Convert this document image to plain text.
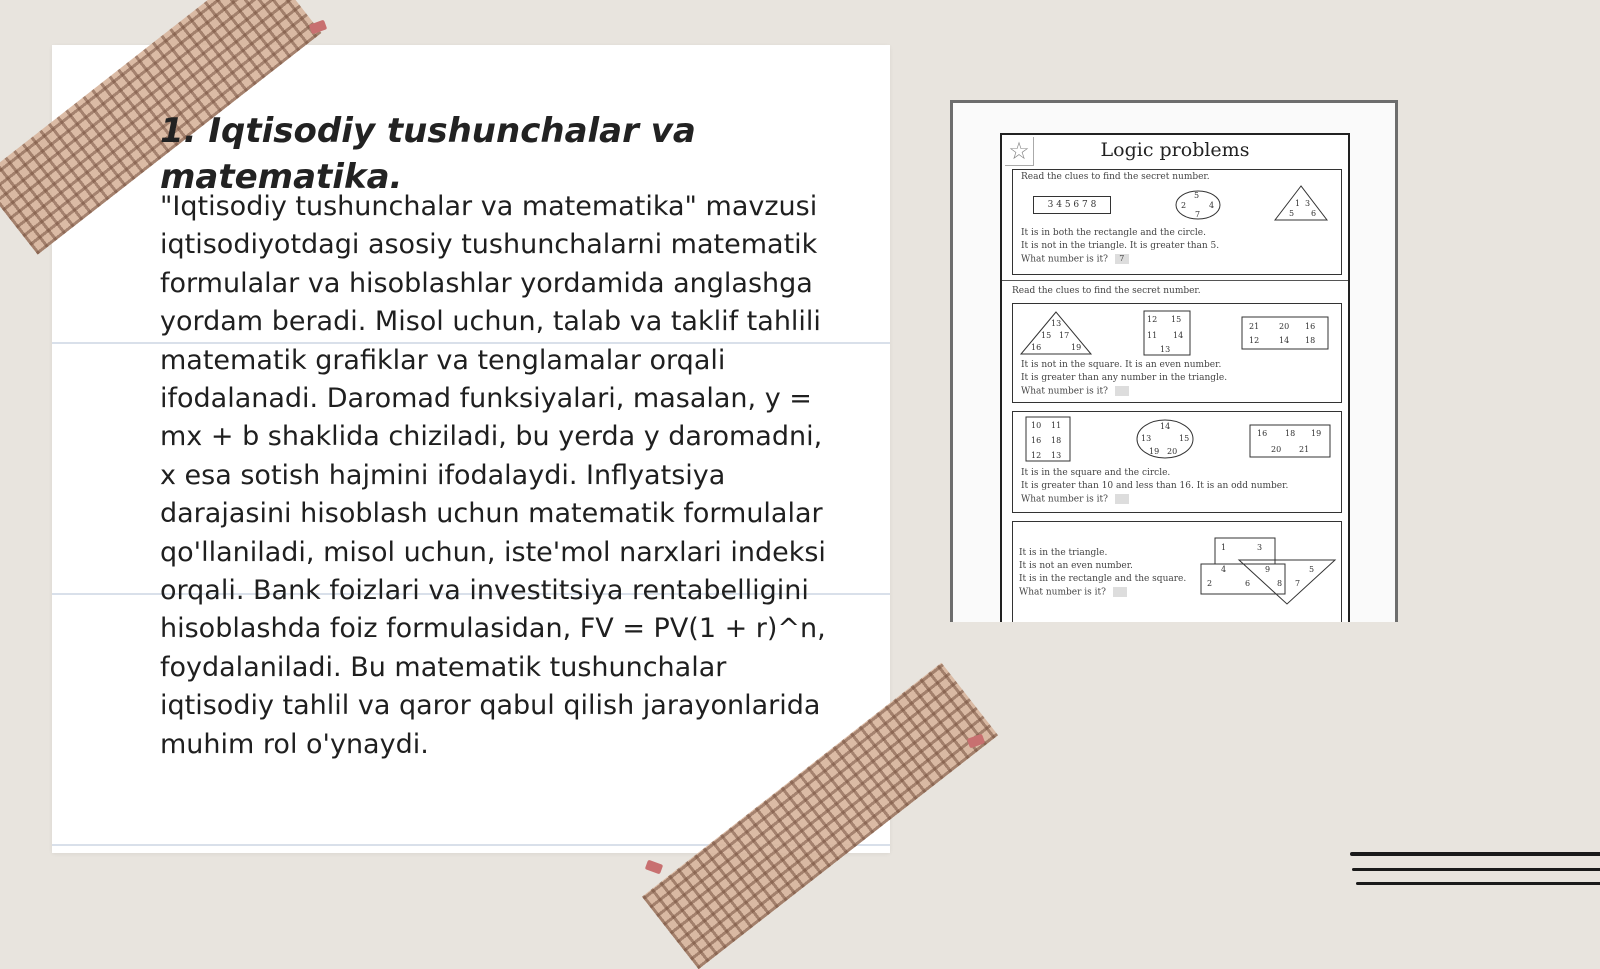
1. Iqtisodiy tushunchalar va matematika.
"Iqtisodiy tushunchalar va matematika" mavzusi iqtisodiyotdagi asosiy tushunchalarni matematik formulalar va hisoblashlar yordamida anglashga yordam beradi. Misol uchun, talab va taklif tahlili matematik grafiklar va tenglamalar orqali ifodalanadi. Daromad funksiyalari, masalan, y = mx + b shaklida chiziladi, bu yerda y daromadni, x esa sotish hajmini ifodalaydi. Inflyatsiya darajasini hisoblash uchun matematik formulalar qo'llaniladi, misol uchun, iste'mol narxlari indeksi orqali. Bank foizlari va investitsiya rentabelligini hisoblashda foiz formulasidan, FV = PV(1 + r)^n, foydalaniladi. Bu matematik tushunchalar iqtisodiy tahlil va qaror qabul qilish jarayonlarida muhim rol o'ynaydi.
☆	Logic problems
Read the clues to find the secret number.
3 4 5 6 7 8
5
2	4
7
1 3
5 6
It is in both the rectangle and the circle.
It is not in the triangle. It is greater than 5.
What number is it? 7
Read the clues to find the secret number.
13
15 17
16	19
12 15
11 14
13
21 20 16
12 14 18
It is not in the square. It is an even number.
It is greater than any number in the triangle.
What number is it?
10 11
16 18
12 13
14
13	15
19 20
16 18 19
20 21
It is in the square and the circle.
It is greater than 10 and less than 16. It is an odd number.
What number is it?
It is in the triangle.
It is not an even number.
It is in the rectangle and the square.
What number is it?
1	3
4	9	5
2	6	8 7
